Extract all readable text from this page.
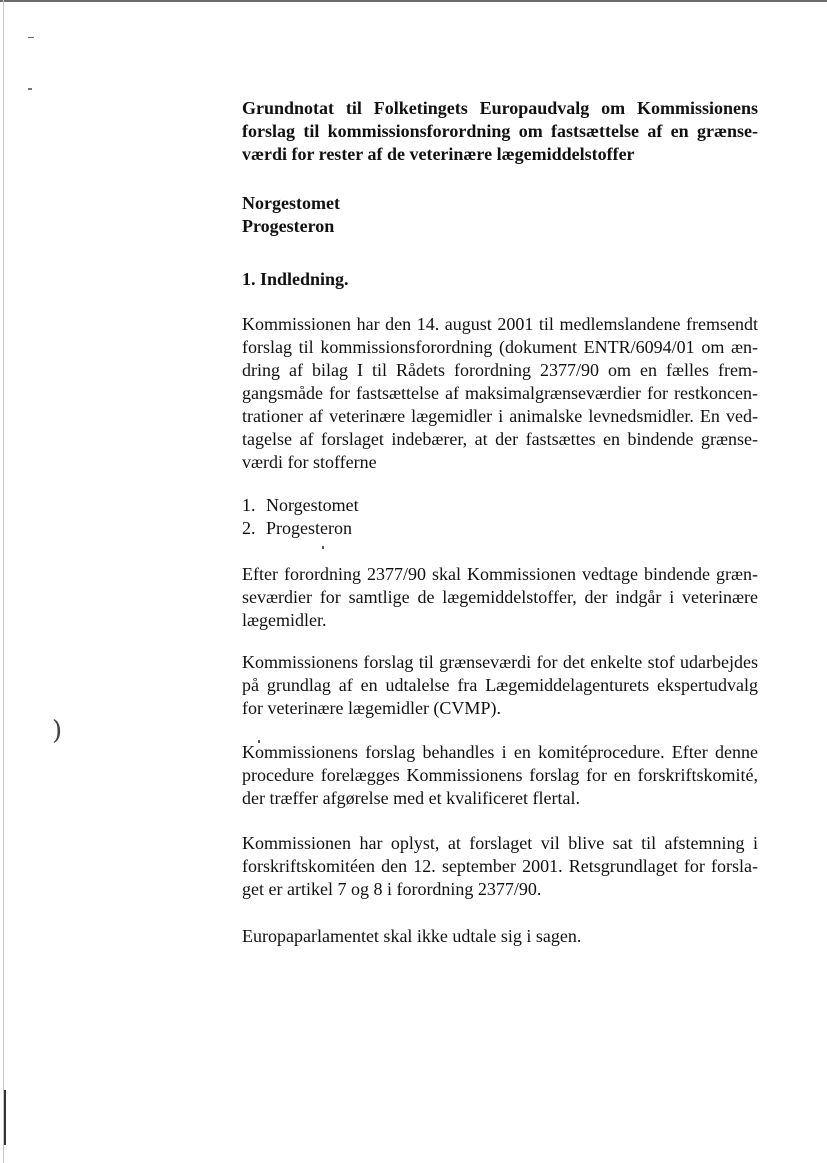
)
Grundnotat til Folketingets Europaudvalg om Kommissionens forslag til kommissionsforordning om fastsættelse af en grænse-værdi for rester af de veterinære lægemiddelstoffer
Norgestomet
Progesteron
1. Indledning.

Kommissionen har den 14. august 2001 til medlemslandene fremsendt forslag til kommissionsforordning (dokument ENTR/6094/01 om æn-dring af bilag I til Rådets forordning 2377/90 om en fælles frem-gangsmåde for fastsættelse af maksimalgrænseværdier for restkoncen-trationer af veterinære lægemidler i animalske levnedsmidler. En ved-tagelse af forslaget indebærer, at der fastsættes en bindende grænse-værdi for stofferne

1. Norgestomet
2. Progesteron

Efter forordning 2377/90 skal Kommissionen vedtage bindende græn-seværdier for samtlige de lægemiddelstoffer, der indgår i veterinære lægemidler.

Kommissionens forslag til grænseværdi for det enkelte stof udarbejdes på grundlag af en udtalelse fra Lægemiddelagenturets ekspertudvalg for veterinære lægemidler (CVMP).

Kommissionens forslag behandles i en komitéprocedure. Efter denne procedure forelægges Kommissionens forslag for en forskriftskomité, der træffer afgørelse med et kvalificeret flertal.

Kommissionen har oplyst, at forslaget vil blive sat til afstemning i forskriftskomitéen den 12. september 2001. Retsgrundlaget for forsla-get er artikel 7 og 8 i forordning 2377/90.

Europaparlamentet skal ikke udtale sig i sagen.
